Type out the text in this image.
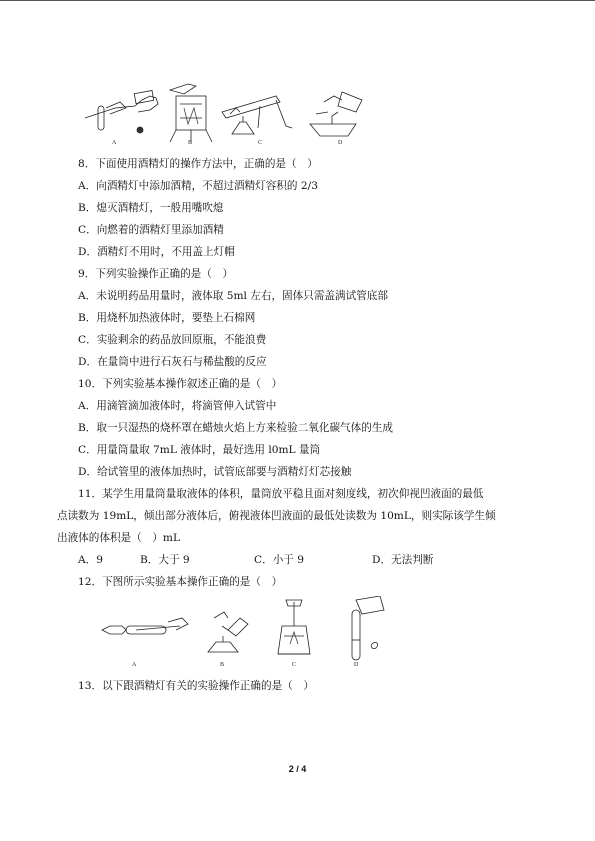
A	B	C	D
8．下面使用酒精灯的操作方法中，正确的是（　）
A．向酒精灯中添加酒精，不超过酒精灯容积的 2/3
B．熄灭酒精灯，一般用嘴吹熄
C．向燃着的酒精灯里添加酒精
D．酒精灯不用时，不用盖上灯帽
9．下列实验操作正确的是（　）
A．未说明药品用量时，液体取 5ml 左右，固体只需盖满试管底部
B．用烧杯加热液体时，要垫上石棉网
C．实验剩余的药品放回原瓶，不能浪费
D．在量筒中进行石灰石与稀盐酸的反应
10．下列实验基本操作叙述正确的是（　）
A．用滴管滴加液体时，将滴管伸入试管中
B．取一只湿热的烧杯罩在蜡烛火焰上方来检验二氧化碳气体的生成
C．用量筒量取 7mL 液体时，最好选用 l0mL 量筒
D．给试管里的液体加热时，试管底部要与酒精灯灯芯接触
11．某学生用量筒量取液体的体积，量筒放平稳且面对刻度线，初次仰视凹液面的最低
点读数为 19mL，倾出部分液体后，俯视液体凹液面的最低处读数为 10mL，则实际该学生倾
出液体的体积是（　）mL
A．9	B．大于 9	C．小于 9	D．无法判断
12．下图所示实验基本操作正确的是（　）
A	B	C	D
13．以下跟酒精灯有关的实验操作正确的是（　）
2 / 4
